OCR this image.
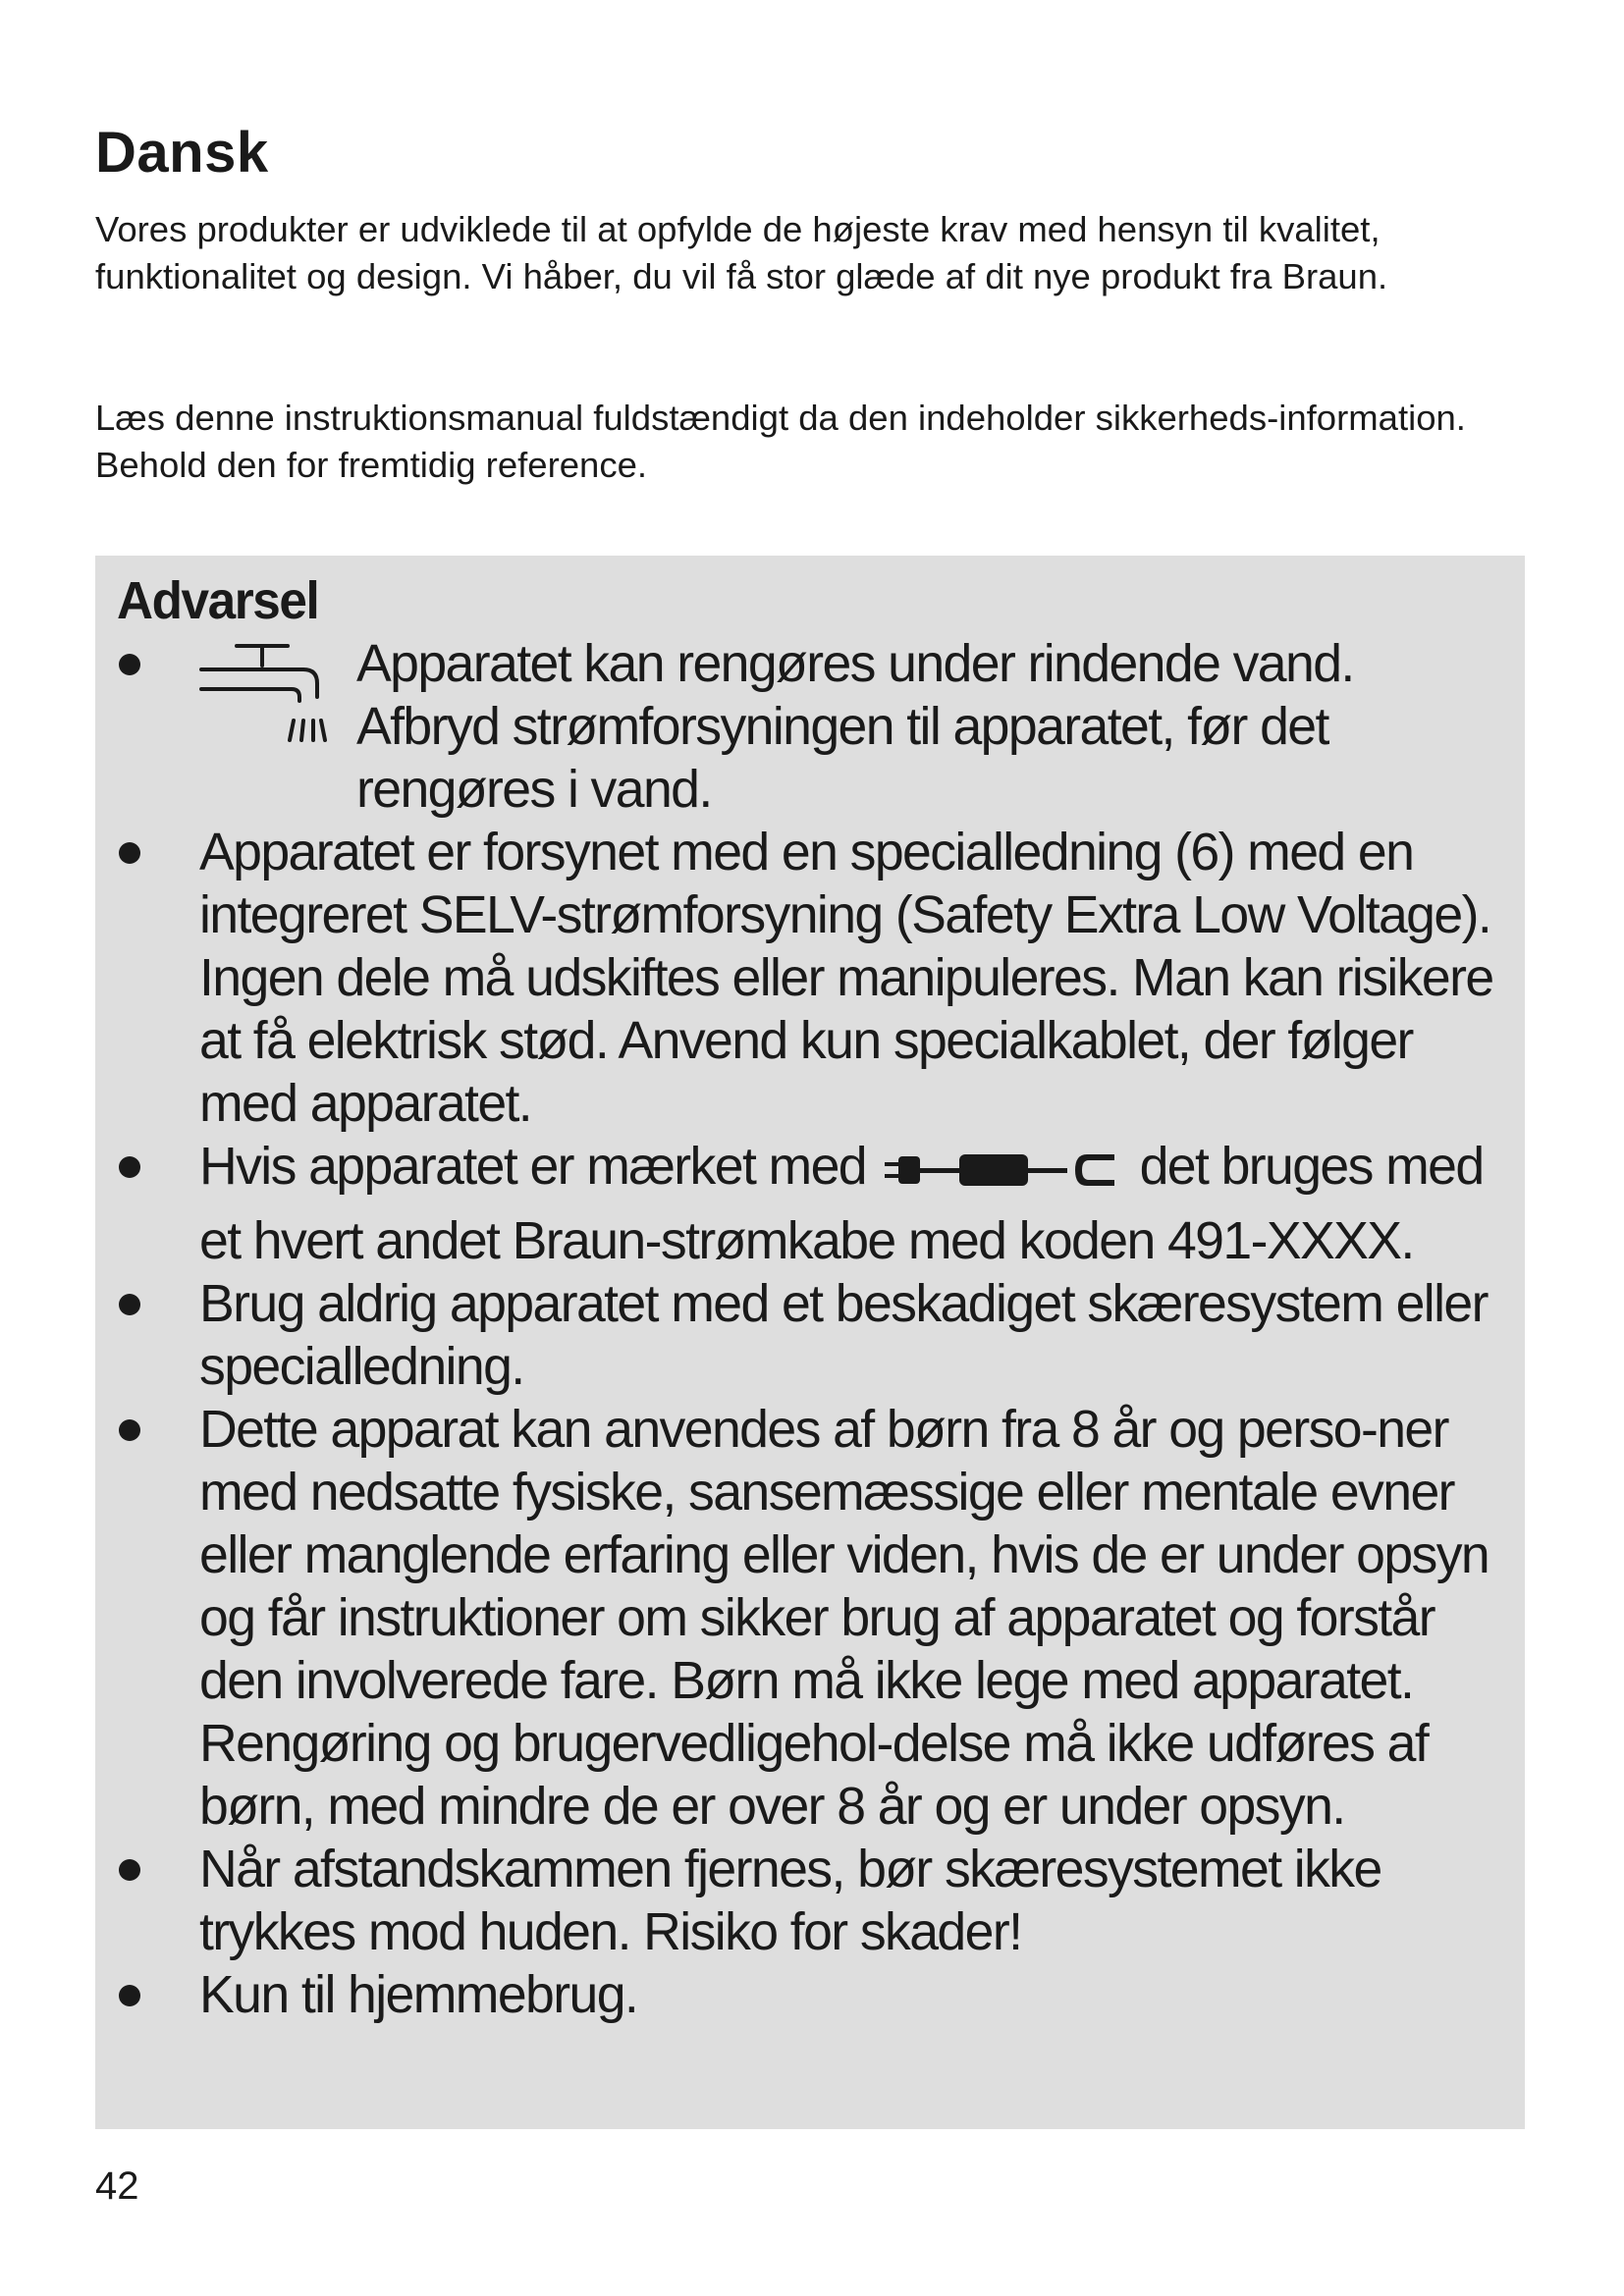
Dansk

Vores produkter er udviklede til at opfylde de højeste krav med hensyn til kvalitet, funktionalitet og design. Vi håber, du vil få stor glæde af dit nye produkt fra Braun.

Læs denne instruktionsmanual fuldstændigt da den indeholder sikkerheds-information. Behold den for fremtidig reference.

Advarsel
Apparatet kan rengøres under rindende vand. Afbryd strømforsyningen til apparatet, før det rengøres i vand.
Apparatet er forsynet med en specialledning (6) med en integreret SELV-strømforsyning (Safety Extra Low Voltage). Ingen dele må udskiftes eller manipuleres. Man kan risikere at få elektrisk stød. Anvend kun specialkablet, der følger med apparatet.
Hvis apparatet er mærket med	det bruges med et hvert andet Braun-strømkabe med koden 491-XXXX.
Brug aldrig apparatet med et beskadiget skæresystem eller specialledning.
Dette apparat kan anvendes af børn fra 8 år og perso-ner med nedsatte fysiske, sansemæssige eller mentale evner eller manglende erfaring eller viden, hvis de er under opsyn og får instruktioner om sikker brug af apparatet og forstår den involverede fare. Børn må ikke lege med apparatet. Rengøring og brugervedligehol-delse må ikke udføres af børn, med mindre de er over 8 år og er under opsyn.
Når afstandskammen fjernes, bør skæresystemet ikke trykkes mod huden. Risiko for skader!
Kun til hjemmebrug.

42
